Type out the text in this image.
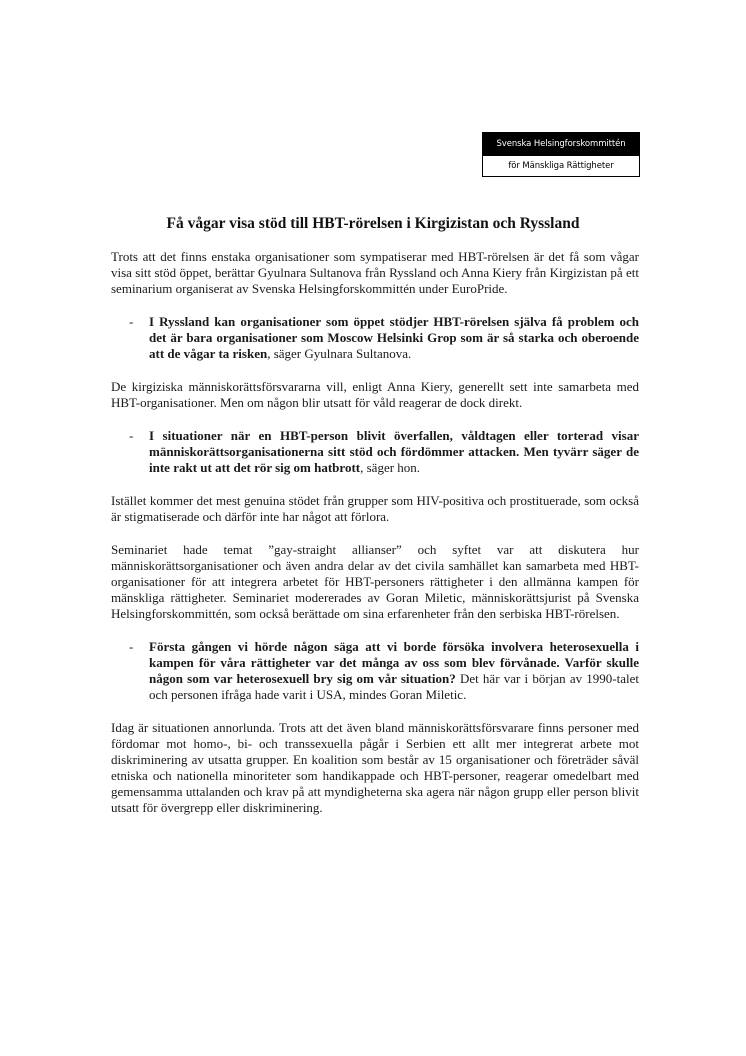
Svenska Helsingforskommittén
för Mänskliga Rättigheter
Få vågar visa stöd till HBT-rörelsen i Kirgizistan och Ryssland

Trots att det finns enstaka organisationer som sympatiserar med HBT-rörelsen är det få som vågar visa sitt stöd öppet, berättar Gyulnara Sultanova från Ryssland och Anna Kiery från Kirgizistan på ett seminarium organiserat av Svenska Helsingforskommittén under EuroPride.

- I Ryssland kan organisationer som öppet stödjer HBT-rörelsen själva få problem och det är bara organisationer som Moscow Helsinki Grop som är så starka och oberoende att de vågar ta risken, säger Gyulnara Sultanova.

De kirgiziska människorättsförsvararna vill, enligt Anna Kiery, generellt sett inte samarbeta med HBT-organisationer. Men om någon blir utsatt för våld reagerar de dock direkt.

- I situationer när en HBT-person blivit överfallen, våldtagen eller torterad visar människorättsorganisationerna sitt stöd och fördömmer attacken. Men tyvärr säger de inte rakt ut att det rör sig om hatbrott, säger hon.

Istället kommer det mest genuina stödet från grupper som HIV-positiva och prostituerade, som också är stigmatiserade och därför inte har något att förlora.

Seminariet hade temat ”gay-straight allianser” och syftet var att diskutera hur människorättsorganisationer och även andra delar av det civila samhället kan samarbeta med HBT-organisationer för att integrera arbetet för HBT-personers rättigheter i den allmänna kampen för mänskliga rättigheter. Seminariet modererades av Goran Miletic, människorättsjurist på Svenska Helsingforskommittén, som också berättade om sina erfarenheter från den serbiska HBT-rörelsen.

- Första gången vi hörde någon säga att vi borde försöka involvera heterosexuella i kampen för våra rättigheter var det många av oss som blev förvånade. Varför skulle någon som var heterosexuell bry sig om vår situation? Det här var i början av 1990-talet och personen ifråga hade varit i USA, mindes Goran Miletic.

Idag är situationen annorlunda. Trots att det även bland människorättsförsvarare finns personer med fördomar mot homo-, bi- och transsexuella pågår i Serbien ett allt mer integrerat arbete mot diskriminering av utsatta grupper. En koalition som består av 15 organisationer och företräder såväl etniska och nationella minoriteter som handikappade och HBT-personer, reagerar omedelbart med gemensamma uttalanden och krav på att myndigheterna ska agera när någon grupp eller person blivit utsatt för övergrepp eller diskriminering.
